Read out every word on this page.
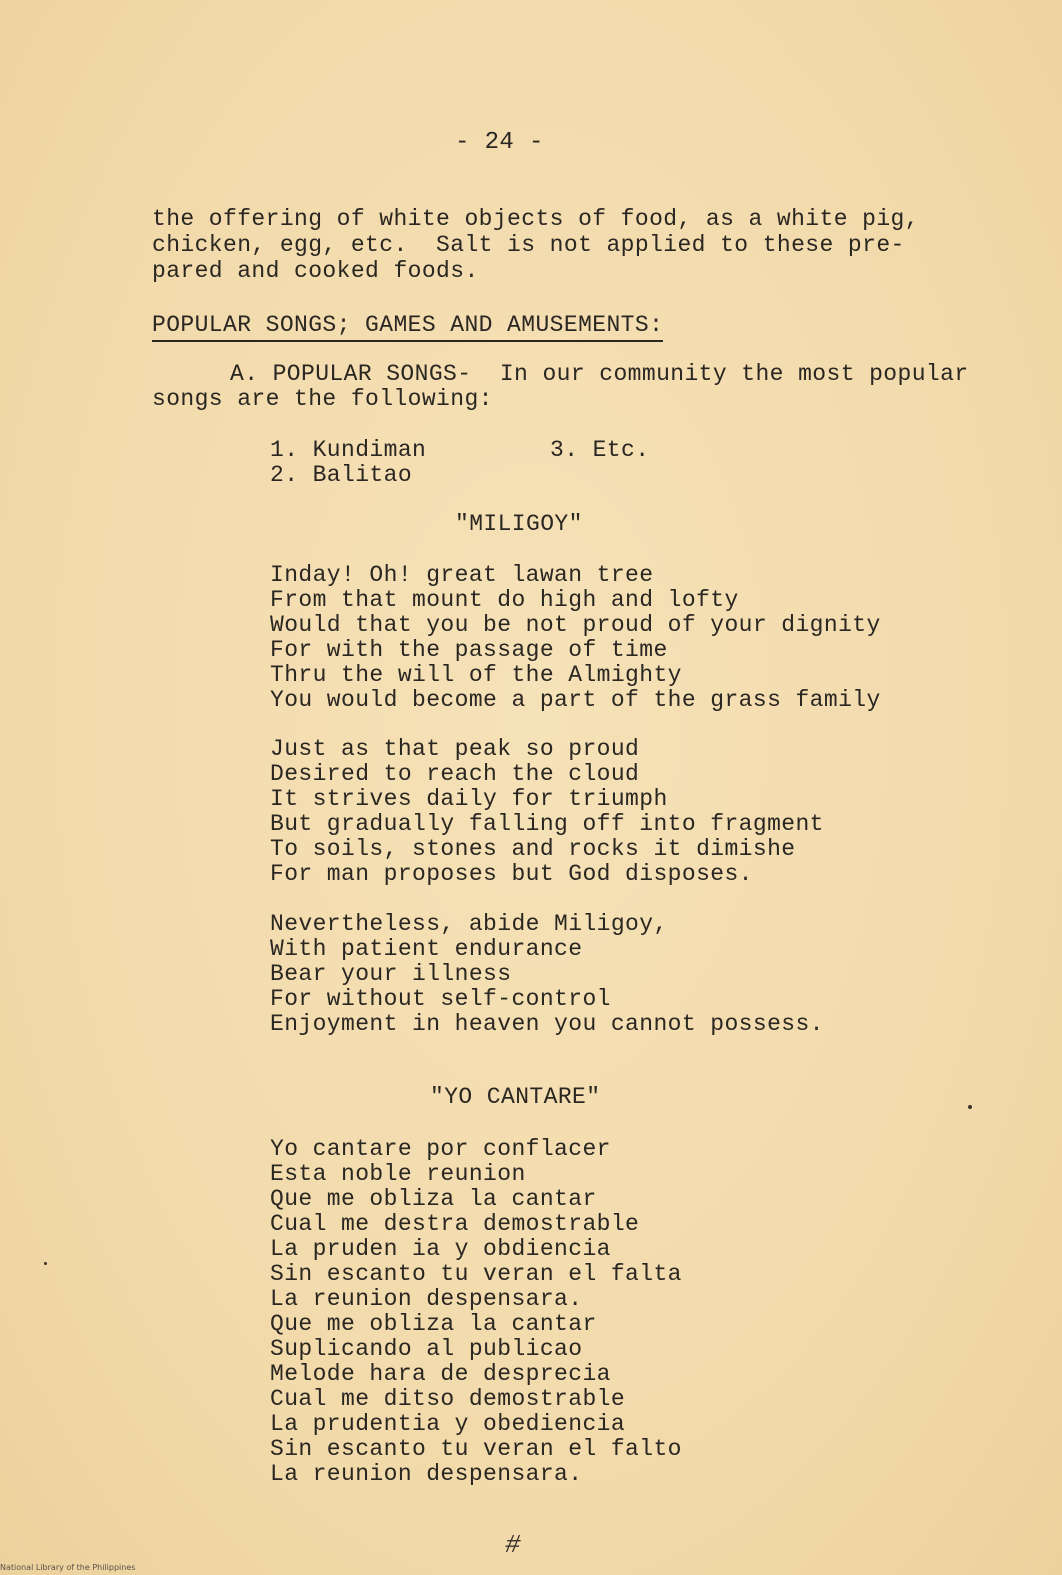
- 24 -
the offering of white objects of food, as a white pig,
chicken, egg, etc.  Salt is not applied to these pre-
pared and cooked foods.
POPULAR SONGS; GAMES AND AMUSEMENTS:
A. POPULAR SONGS-  In our community the most popular
songs are the following:
1. Kundiman
2. Balitao
3. Etc.
"MILIGOY"
Inday! Oh! great lawan tree
From that mount do high and lofty
Would that you be not proud of your dignity
For with the passage of time
Thru the will of the Almighty
You would become a part of the grass family
Just as that peak so proud
Desired to reach the cloud
It strives daily for triumph
But gradually falling off into fragment
To soils, stones and rocks it dimishe
For man proposes but God disposes.
Nevertheless, abide Miligoy,
With patient endurance
Bear your illness
For without self-control
Enjoyment in heaven you cannot possess.
"YO CANTARE"
Yo cantare por conflacer
Esta noble reunion
Que me obliza la cantar
Cual me destra demostrable
La pruden ia y obdiencia
Sin escanto tu veran el falta
La reunion despensara.
Que me obliza la cantar
Suplicando al publicao
Melode hara de desprecia
Cual me ditso demostrable
La prudentia y obediencia
Sin escanto tu veran el falto
La reunion despensara.
#
National Library of the Philippines
